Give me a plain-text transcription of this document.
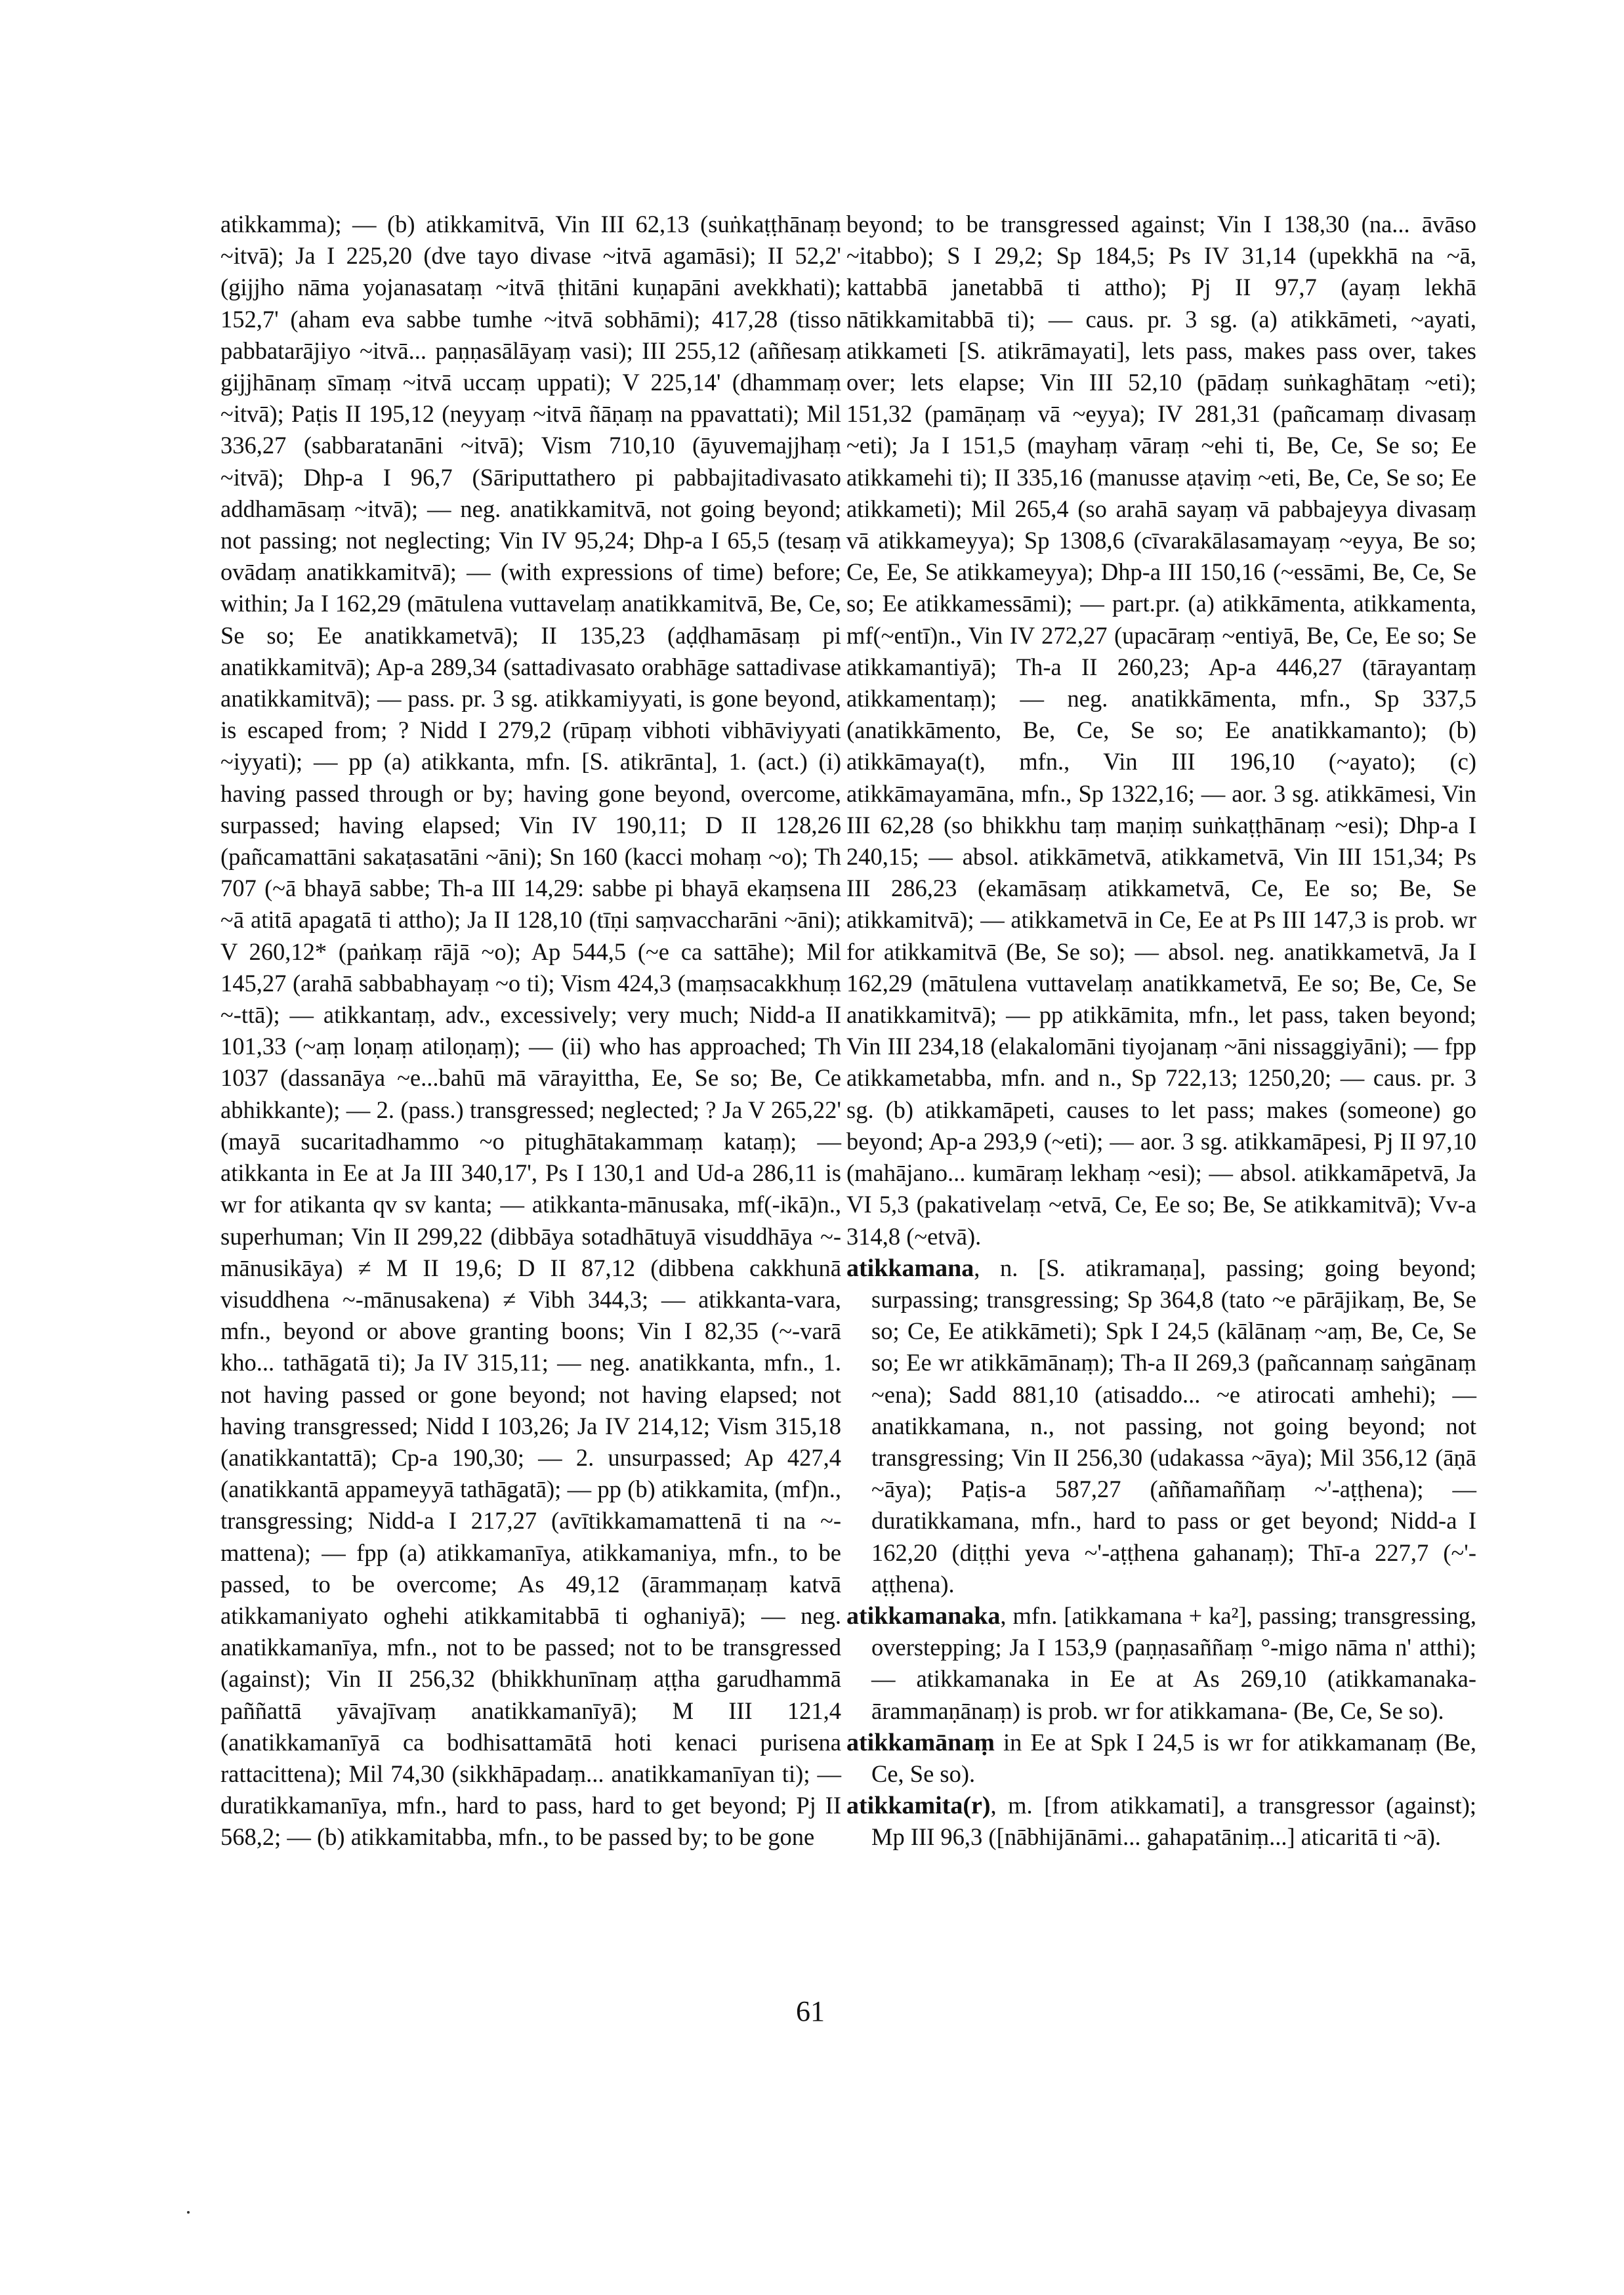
atikkamma); — (b) atikkamitvā, Vin III 62,13 (suṅkaṭṭhānaṃ ~itvā); Ja I 225,20 (dve tayo divase ~itvā agamāsi); II 52,2' (gijjho nāma yojanasataṃ ~itvā ṭhitāni kuṇapāni avekkhati); 152,7' (aham eva sabbe tumhe ~itvā sobhāmi); 417,28 (tisso pabbatarājiyo ~itvā... paṇṇasālāyaṃ vasi); III 255,12 (aññesaṃ gijjhānaṃ sīmaṃ ~itvā uccaṃ uppati); V 225,14' (dhammaṃ ~itvā); Paṭis II 195,12 (neyyaṃ ~itvā ñāṇaṃ na ppavattati); Mil 336,27 (sabbaratanāni ~itvā); Vism 710,10 (āyuvemajjhaṃ ~itvā); Dhp-a I 96,7 (Sāriputtathero pi pabbajitadivasato addhamāsaṃ ~itvā); — neg. anatikkamitvā, not going beyond; not passing; not neglecting; Vin IV 95,24; Dhp-a I 65,5 (tesaṃ ovādaṃ anatikkamitvā); — (with expressions of time) before; within; Ja I 162,29 (mātulena vuttavelaṃ anatikkamitvā, Be, Ce, Se so; Ee anatikkametvā); II 135,23 (aḍḍhamāsaṃ pi anatikkamitvā); Ap-a 289,34 (sattadivasato orabhāge sattadivase anatikkamitvā); — pass. pr. 3 sg. atikkamiyyati, is gone beyond, is escaped from; ? Nidd I 279,2 (rūpaṃ vibhoti vibhāviyyati ~iyyati); — pp (a) atikkanta, mfn. [S. atikrānta], 1. (act.) (i) having passed through or by; having gone beyond, overcome, surpassed; having elapsed; Vin IV 190,11; D II 128,26 (pañcamattāni sakaṭasatāni ~āni); Sn 160 (kacci mohaṃ ~o); Th 707 (~ā bhayā sabbe; Th-a III 14,29: sabbe pi bhayā ekaṃsena ~ā atitā apagatā ti attho); Ja II 128,10 (tīṇi saṃvaccharāni ~āni); V 260,12* (paṅkaṃ rājā ~o); Ap 544,5 (~e ca sattāhe); Mil 145,27 (arahā sabbabhayaṃ ~o ti); Vism 424,3 (maṃsacakkhuṃ ~-ttā); — atikkantaṃ, adv., excessively; very much; Nidd-a II 101,33 (~aṃ loṇaṃ atiloṇaṃ); — (ii) who has approached; Th 1037 (dassanāya ~e...bahū mā vārayittha, Ee, Se so; Be, Ce abhikkante); — 2. (pass.) transgressed; neglected; ? Ja V 265,22' (mayā sucaritadhammo ~o pitughātakammaṃ kataṃ); — atikkanta in Ee at Ja III 340,17', Ps I 130,1 and Ud-a 286,11 is wr for atikanta qv sv kanta; — atikkanta-mānusaka, mf(-ikā)n., superhuman; Vin II 299,22 (dibbāya sotadhātuyā visuddhāya ~-mānusikāya) ≠ M II 19,6; D II 87,12 (dibbena cakkhunā visuddhena ~-mānusakena) ≠ Vibh 344,3; — atikkanta-vara, mfn., beyond or above granting boons; Vin I 82,35 (~-varā kho... tathāgatā ti); Ja IV 315,11; — neg. anatikkanta, mfn., 1. not having passed or gone beyond; not having elapsed; not having transgressed; Nidd I 103,26; Ja IV 214,12; Vism 315,18 (anatikkantattā); Cp-a 190,30; — 2. unsurpassed; Ap 427,4 (anatikkantā appameyyā tathāgatā); — pp (b) atikkamita, (mf)n., transgressing; Nidd-a I 217,27 (avītikkamamattenā ti na ~-mattena); — fpp (a) atikkamanīya, atikkamaniya, mfn., to be passed, to be overcome; As 49,12 (ārammaṇaṃ katvā atikkamaniyato oghehi atikkamitabbā ti oghaniyā); — neg. anatikkamanīya, mfn., not to be passed; not to be transgressed (against); Vin II 256,32 (bhikkhunīnaṃ aṭṭha garudhammā paññattā yāvajīvaṃ anatikkamanīyā); M III 121,4 (anatikkamanīyā ca bodhisattamātā hoti kenaci purisena rattacittena); Mil 74,30 (sikkhāpadaṃ... anatikkamanīyan ti); — duratikkamanīya, mfn., hard to pass, hard to get beyond; Pj II 568,2; — (b) atikkamitabba, mfn., to be passed by; to be gone

beyond; to be transgressed against; Vin I 138,30 (na... āvāso ~itabbo); S I 29,2; Sp 184,5; Ps IV 31,14 (upekkhā na ~ā, kattabbā janetabbā ti attho); Pj II 97,7 (ayaṃ lekhā nātikkamitabbā ti); — caus. pr. 3 sg. (a) atikkāmeti, ~ayati, atikkameti [S. atikrāmayati], lets pass, makes pass over, takes over; lets elapse; Vin III 52,10 (pādaṃ suṅkaghātaṃ ~eti); 151,32 (pamāṇaṃ vā ~eyya); IV 281,31 (pañcamaṃ divasaṃ ~eti); Ja I 151,5 (mayhaṃ vāraṃ ~ehi ti, Be, Ce, Se so; Ee atikkamehi ti); II 335,16 (manusse aṭaviṃ ~eti, Be, Ce, Se so; Ee atikkameti); Mil 265,4 (so arahā sayaṃ vā pabbajeyya divasaṃ vā atikkameyya); Sp 1308,6 (cīvarakālasamayaṃ ~eyya, Be so; Ce, Ee, Se atikkameyya); Dhp-a III 150,16 (~essāmi, Be, Ce, Se so; Ee atikkamessāmi); — part.pr. (a) atikkāmenta, atikkamenta, mf(~entī)n., Vin IV 272,27 (upacāraṃ ~entiyā, Be, Ce, Ee so; Se atikkamantiyā); Th-a II 260,23; Ap-a 446,27 (tārayantaṃ atikkamentaṃ); — neg. anatikkāmenta, mfn., Sp 337,5 (anatikkāmento, Be, Ce, Se so; Ee anatikkamanto); (b) atikkāmaya(t), mfn., Vin III 196,10 (~ayato); (c) atikkāmayamāna, mfn., Sp 1322,16; — aor. 3 sg. atikkāmesi, Vin III 62,28 (so bhikkhu taṃ maṇiṃ suṅkaṭṭhānaṃ ~esi); Dhp-a I 240,15; — absol. atikkāmetvā, atikkametvā, Vin III 151,34; Ps III 286,23 (ekamāsaṃ atikkametvā, Ce, Ee so; Be, Se atikkamitvā); — atikkametvā in Ce, Ee at Ps III 147,3 is prob. wr for atikkamitvā (Be, Se so); — absol. neg. anatikkametvā, Ja I 162,29 (mātulena vuttavelaṃ anatikkametvā, Ee so; Be, Ce, Se anatikkamitvā); — pp atikkāmita, mfn., let pass, taken beyond; Vin III 234,18 (elakalomāni tiyojanaṃ ~āni nissaggiyāni); — fpp atikkametabba, mfn. and n., Sp 722,13; 1250,20; — caus. pr. 3 sg. (b) atikkamāpeti, causes to let pass; makes (someone) go beyond; Ap-a 293,9 (~eti); — aor. 3 sg. atikkamāpesi, Pj II 97,10 (mahājano... kumāraṃ lekhaṃ ~esi); — absol. atikkamāpetvā, Ja VI 5,3 (pakativelaṃ ~etvā, Ce, Ee so; Be, Se atikkamitvā); Vv-a 314,8 (~etvā).

atikkamana, n. [S. atikramaṇa], passing; going beyond; surpassing; transgressing; Sp 364,8 (tato ~e pārājikaṃ, Be, Se so; Ce, Ee atikkāmeti); Spk I 24,5 (kālānaṃ ~aṃ, Be, Ce, Se so; Ee wr atikkāmānaṃ); Th-a II 269,3 (pañcannaṃ saṅgānaṃ ~ena); Sadd 881,10 (atisaddo... ~e atirocati amhehi); — anatikkamana, n., not passing, not going beyond; not transgressing; Vin II 256,30 (udakassa ~āya); Mil 356,12 (āṇā ~āya); Paṭis-a 587,27 (aññamaññaṃ ~'-aṭṭhena); — duratikkamana, mfn., hard to pass or get beyond; Nidd-a I 162,20 (diṭṭhi yeva ~'-aṭṭhena gahanaṃ); Thī-a 227,7 (~'-aṭṭhena).

atikkamanaka, mfn. [atikkamana + ka²], passing; transgressing, overstepping; Ja I 153,9 (paṇṇasaññaṃ °-migo nāma n' atthi); — atikkamanaka in Ee at As 269,10 (atikkamanaka-ārammaṇānaṃ) is prob. wr for atikkamana- (Be, Ce, Se so).

atikkamānaṃ in Ee at Spk I 24,5 is wr for atikkamanaṃ (Be, Ce, Se so).

atikkamita(r), m. [from atikkamati], a transgressor (against); Mp III 96,3 ([nābhijānāmi... gahapatāniṃ...] aticaritā ti ~ā).

61
